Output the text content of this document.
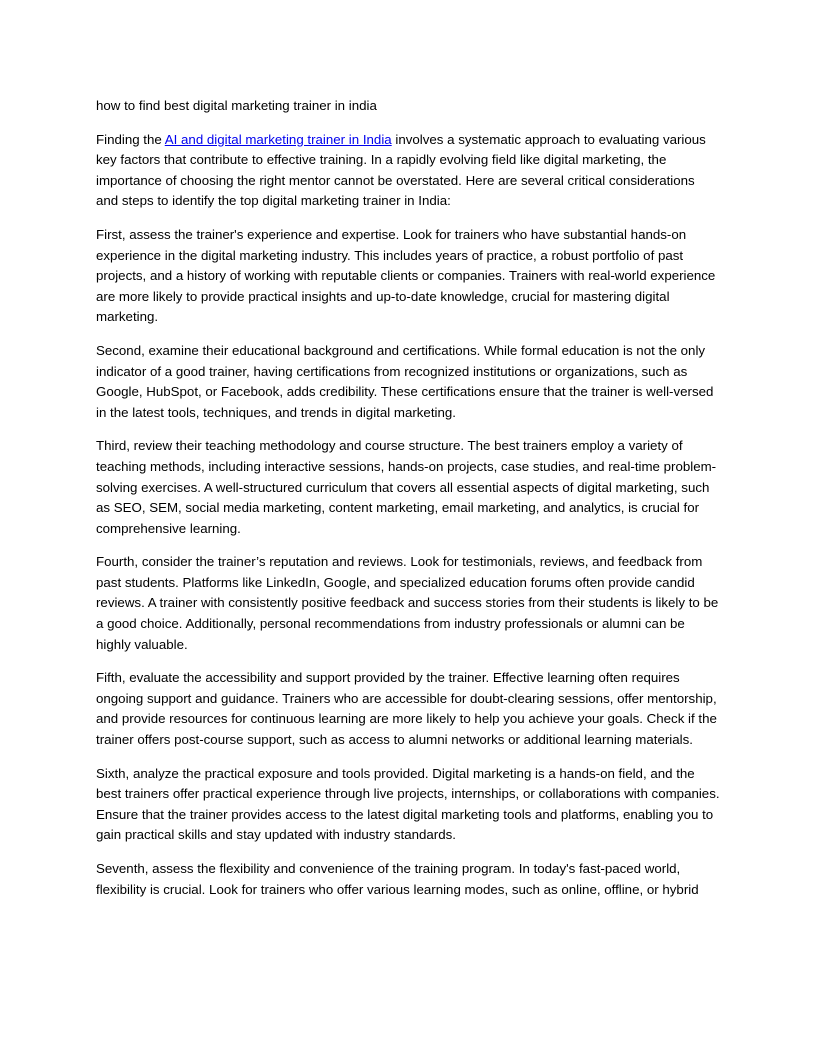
how to find best digital marketing trainer in india

Finding the AI and digital marketing trainer in India involves a systematic approach to evaluating various key factors that contribute to effective training. In a rapidly evolving field like digital marketing, the importance of choosing the right mentor cannot be overstated. Here are several critical considerations and steps to identify the top digital marketing trainer in India:

First, assess the trainer's experience and expertise. Look for trainers who have substantial hands-on experience in the digital marketing industry. This includes years of practice, a robust portfolio of past projects, and a history of working with reputable clients or companies. Trainers with real-world experience are more likely to provide practical insights and up-to-date knowledge, crucial for mastering digital marketing.

Second, examine their educational background and certifications. While formal education is not the only indicator of a good trainer, having certifications from recognized institutions or organizations, such as Google, HubSpot, or Facebook, adds credibility. These certifications ensure that the trainer is well-versed in the latest tools, techniques, and trends in digital marketing.

Third, review their teaching methodology and course structure. The best trainers employ a variety of teaching methods, including interactive sessions, hands-on projects, case studies, and real-time problem-solving exercises. A well-structured curriculum that covers all essential aspects of digital marketing, such as SEO, SEM, social media marketing, content marketing, email marketing, and analytics, is crucial for comprehensive learning.

Fourth, consider the trainer’s reputation and reviews. Look for testimonials, reviews, and feedback from past students. Platforms like LinkedIn, Google, and specialized education forums often provide candid reviews. A trainer with consistently positive feedback and success stories from their students is likely to be a good choice. Additionally, personal recommendations from industry professionals or alumni can be highly valuable.

Fifth, evaluate the accessibility and support provided by the trainer. Effective learning often requires ongoing support and guidance. Trainers who are accessible for doubt-clearing sessions, offer mentorship, and provide resources for continuous learning are more likely to help you achieve your goals. Check if the trainer offers post-course support, such as access to alumni networks or additional learning materials.

Sixth, analyze the practical exposure and tools provided. Digital marketing is a hands-on field, and the best trainers offer practical experience through live projects, internships, or collaborations with companies. Ensure that the trainer provides access to the latest digital marketing tools and platforms, enabling you to gain practical skills and stay updated with industry standards.

Seventh, assess the flexibility and convenience of the training program. In today's fast-paced world, flexibility is crucial. Look for trainers who offer various learning modes, such as online, offline, or hybrid
